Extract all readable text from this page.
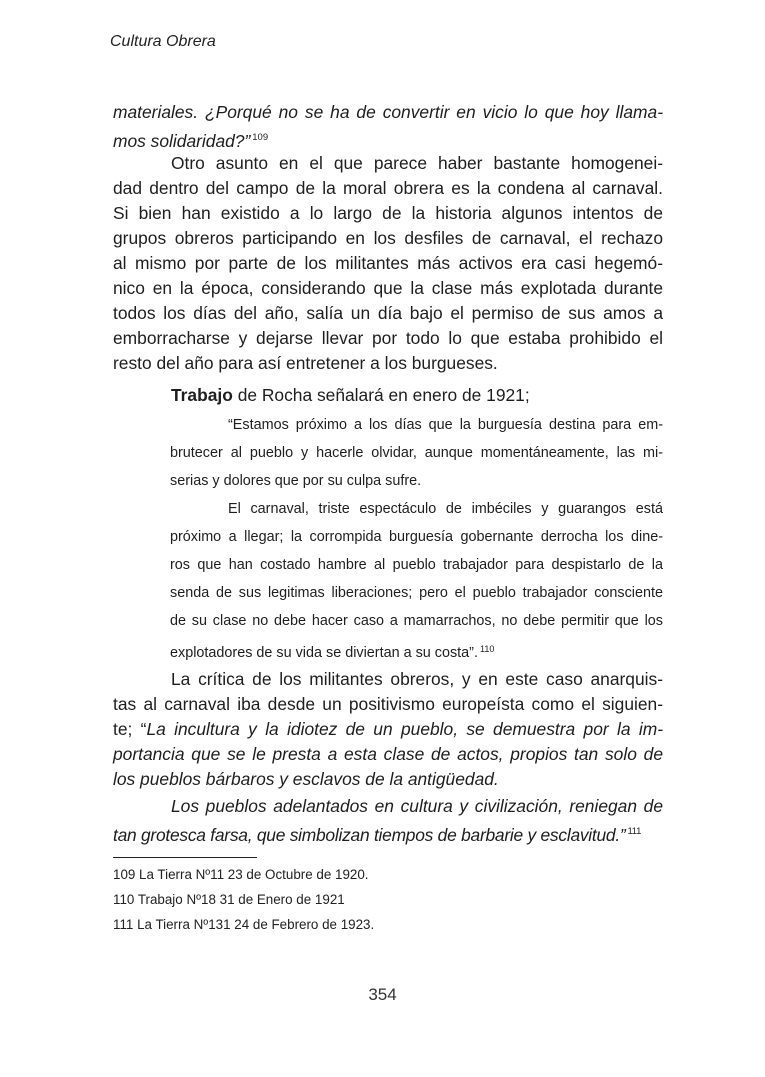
Cultura Obrera
materiales. ¿Porqué no se ha de convertir en vicio lo que hoy llama-
mos solidaridad?” $^{109}$
Otro asunto en el que parece haber bastante homogenei-
dad dentro del campo de la moral obrera es la condena al carnaval.
Si bien han existido a lo largo de la historia algunos intentos de
grupos obreros participando en los desfiles de carnaval, el rechazo
al mismo por parte de los militantes más activos era casi hegemó-
nico en la época, considerando que la clase más explotada durante
todos los días del año, salía un día bajo el permiso de sus amos a
emborracharse y dejarse llevar por todo lo que estaba prohibido el
resto del año para así entretener a los burgueses.
Trabajo de Rocha señalará en enero de 1921;
“Estamos próximo a los días que la burguesía destina para em-
brutecer al pueblo y hacerle olvidar, aunque momentáneamente, las mi-
serias y dolores que por su culpa sufre.
El carnaval, triste espectáculo de imbéciles y guarangos está
próximo a llegar; la corrompida burguesía gobernante derrocha los dine-
ros que han costado hambre al pueblo trabajador para despistarlo de la
senda de sus legitimas liberaciones; pero el pueblo trabajador consciente
de su clase no debe hacer caso a mamarrachos, no debe permitir que los
explotadores de su vida se diviertan a su costa”. $^{110}$
La crítica de los militantes obreros, y en este caso anarquis-
tas al carnaval iba desde un positivismo europeísta como el siguien-
te; “La incultura y la idiotez de un pueblo, se demuestra por la im-
portancia que se le presta a esta clase de actos, propios tan solo de
los pueblos bárbaros y esclavos de la antigüedad.
Los pueblos adelantados en cultura y civilización, reniegan de
tan grotesca farsa, que simbolizan tiempos de barbarie y esclavitud.” $^{111}$
109 La Tierra Nº11 23 de Octubre de 1920.
110 Trabajo Nº18 31 de Enero de 1921
111 La Tierra Nº131 24 de Febrero de 1923.
354
